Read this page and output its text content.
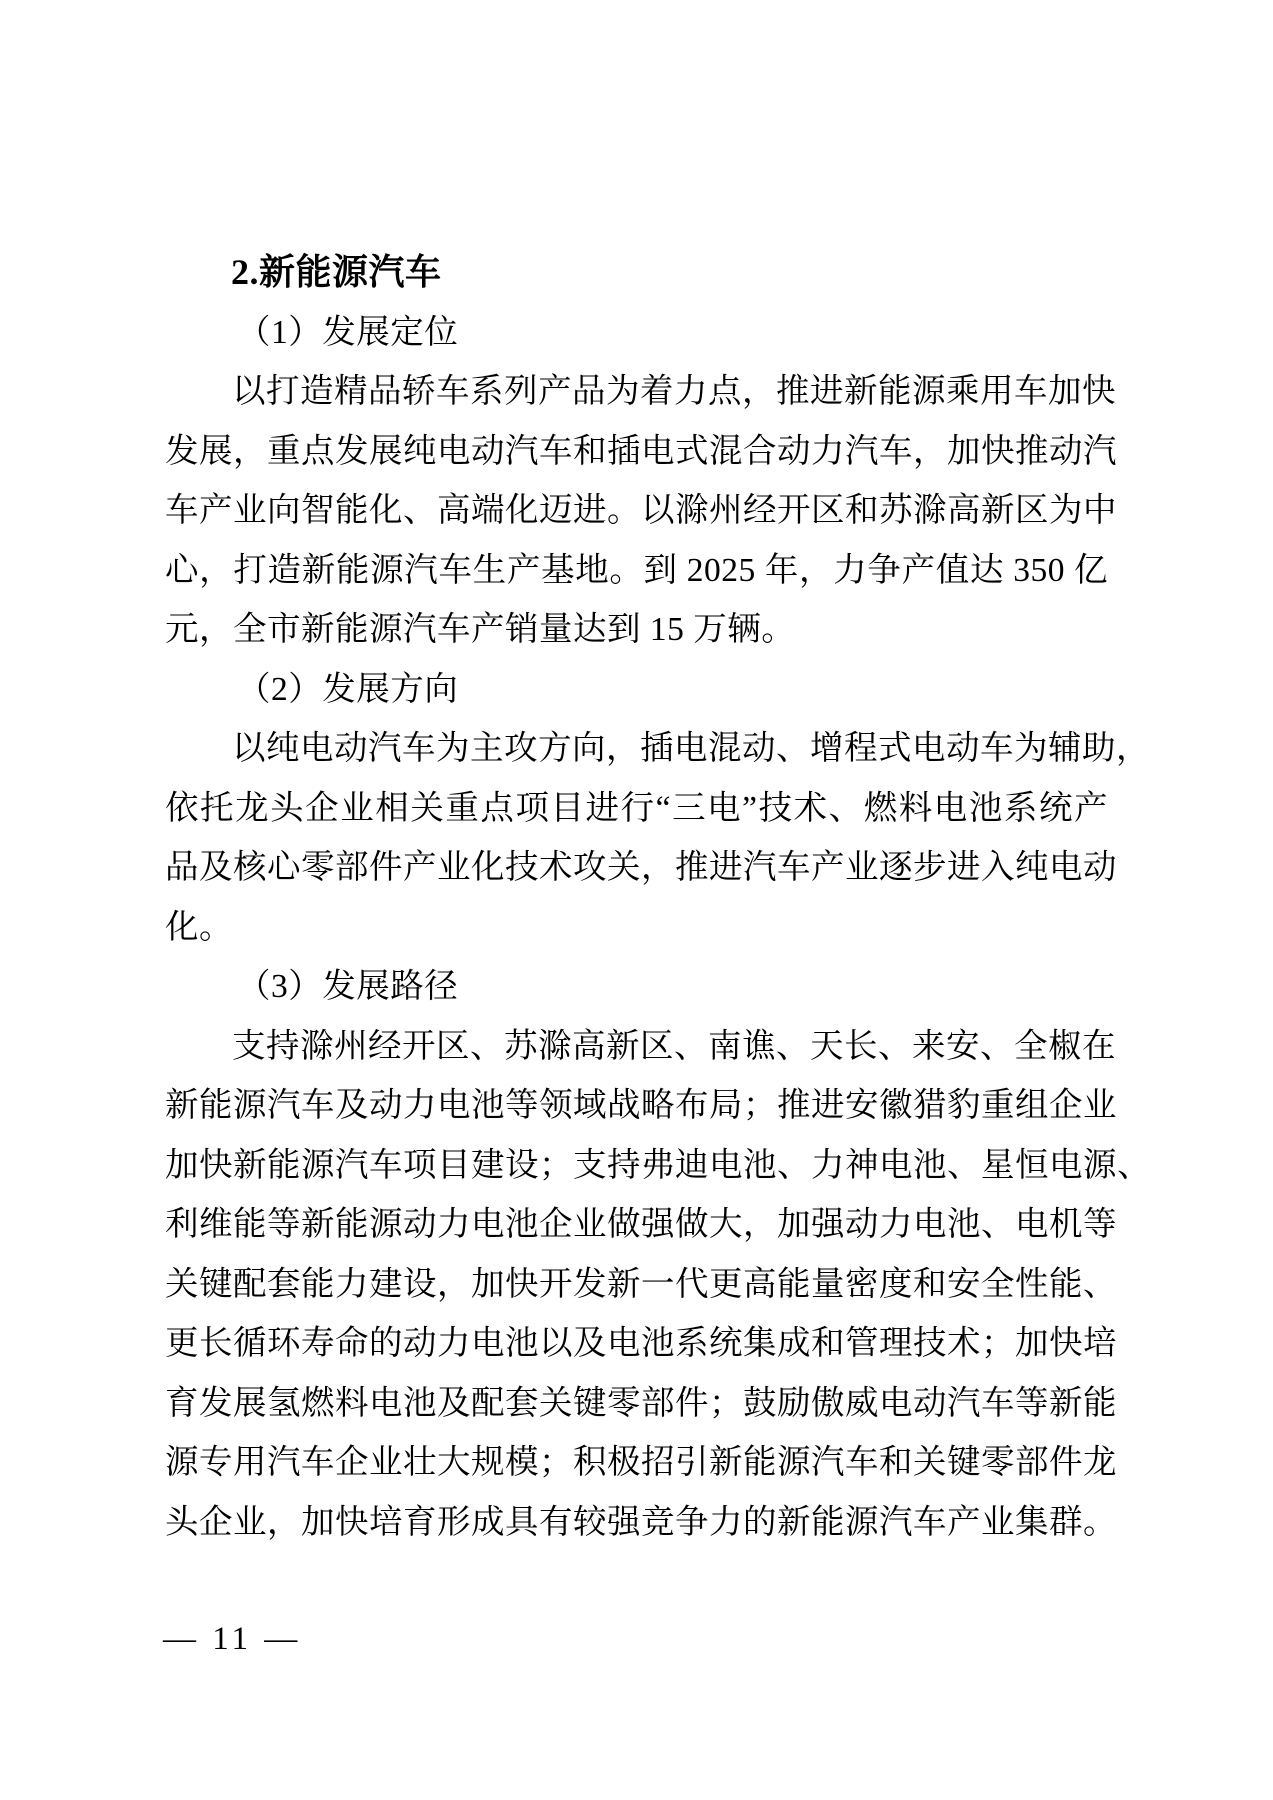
2.新能源汽车
（1）发展定位
以打造精品轿车系列产品为着力点，推进新能源乘用车加快
发展，重点发展纯电动汽车和插电式混合动力汽车，加快推动汽
车产业向智能化、高端化迈进。以滁州经开区和苏滁高新区为中
心，打造新能源汽车生产基地。到 2025 年，力争产值达 350 亿
元，全市新能源汽车产销量达到 15 万辆。
（2）发展方向
以纯电动汽车为主攻方向，插电混动、增程式电动车为辅助，
依托龙头企业相关重点项目进行“三电”技术、燃料电池系统产
品及核心零部件产业化技术攻关，推进汽车产业逐步进入纯电动
化。
（3）发展路径
支持滁州经开区、苏滁高新区、南谯、天长、来安、全椒在
新能源汽车及动力电池等领域战略布局；推进安徽猎豹重组企业
加快新能源汽车项目建设；支持弗迪电池、力神电池、星恒电源、
利维能等新能源动力电池企业做强做大，加强动力电池、电机等
关键配套能力建设，加快开发新一代更高能量密度和安全性能、
更长循环寿命的动力电池以及电池系统集成和管理技术；加快培
育发展氢燃料电池及配套关键零部件；鼓励傲威电动汽车等新能
源专用汽车企业壮大规模；积极招引新能源汽车和关键零部件龙
头企业，加快培育形成具有较强竞争力的新能源汽车产业集群。
— 11 —
